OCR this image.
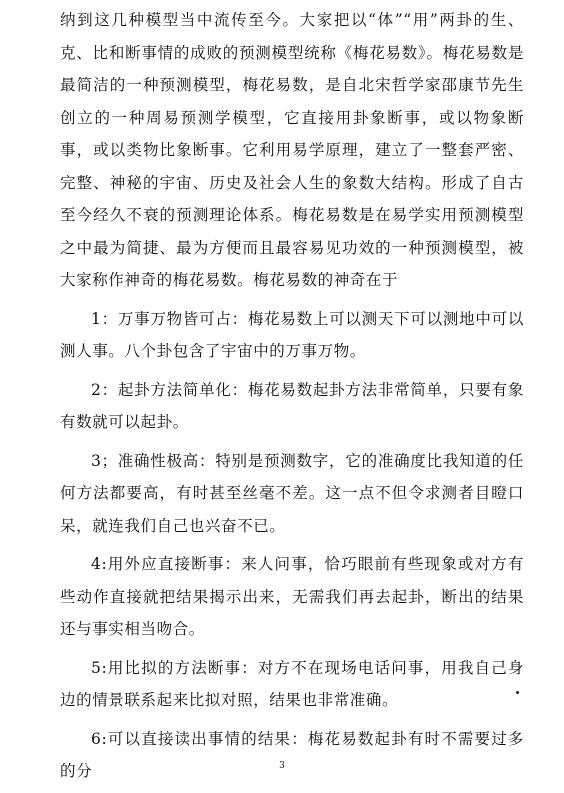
纳到这几种模型当中流传至今。大家把以“体”“用”两卦的生、克、比和断事情的成败的预测模型统称《梅花易数》。梅花易数是最简洁的一种预测模型，梅花易数，是自北宋哲学家邵康节先生创立的一种周易预测学模型，它直接用卦象断事，或以物象断事，或以类物比象断事。它利用易学原理，建立了一整套严密、完整、神秘的宇宙、历史及社会人生的象数大结构。形成了自古至今经久不衰的预测理论体系。梅花易数是在易学实用预测模型之中最为简捷、最为方便而且最容易见功效的一种预测模型，被大家称作神奇的梅花易数。梅花易数的神奇在于

1：万事万物皆可占：梅花易数上可以测天下可以测地中可以测人事。八个卦包含了宇宙中的万事万物。

2：起卦方法简单化：梅花易数起卦方法非常简单，只要有象有数就可以起卦。

3；准确性极高：特别是预测数字，它的准确度比我知道的任何方法都要高，有时甚至丝毫不差。这一点不但令求测者目瞪口呆，就连我们自己也兴奋不已。

4:用外应直接断事：来人问事，恰巧眼前有些现象或对方有些动作直接就把结果揭示出来，无需我们再去起卦，断出的结果还与事实相当吻合。

5:用比拟的方法断事：对方不在现场电话问事，用我自己身边的情景联系起来比拟对照，结果也非常准确。

6:可以直接读出事情的结果：梅花易数起卦有时不需要过多的分	3
